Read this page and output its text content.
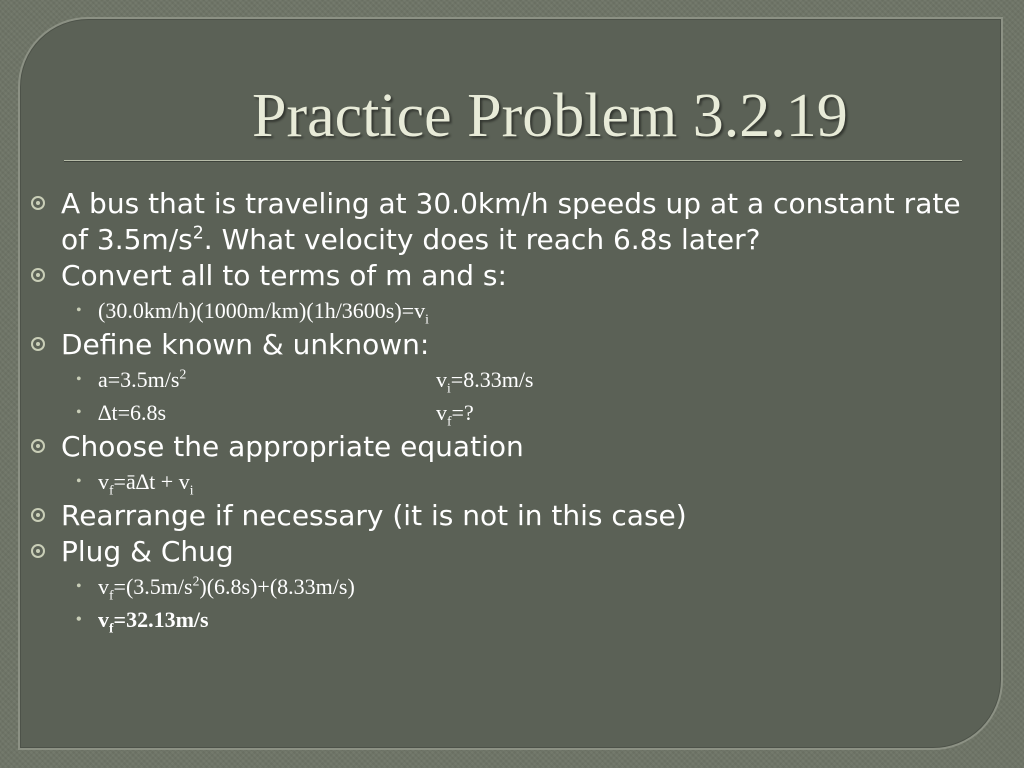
Practice Problem 3.2.19
A bus that is traveling at 30.0km/h speeds up at a constant rate of $3.5m/s^2$. What velocity does it reach 6.8s later?
Convert all to terms of m and s:
• $(30.0km/h)(1000m/km)(1h/3600s)=v_i$
Define known & unknown:
• $a=3.5m/s^2$	$v_i=8.33m/s$
• ∆t=6.8s	$v_f=$?
Choose the appropriate equation
• $v_f=ā\Delta t + v_i$
Rearrange if necessary (it is not in this case)
Plug & Chug
• $v_f=(3.5m/s^2)(6.8s)+(8.33m/s)$
• $v_f=32.13m/s$
